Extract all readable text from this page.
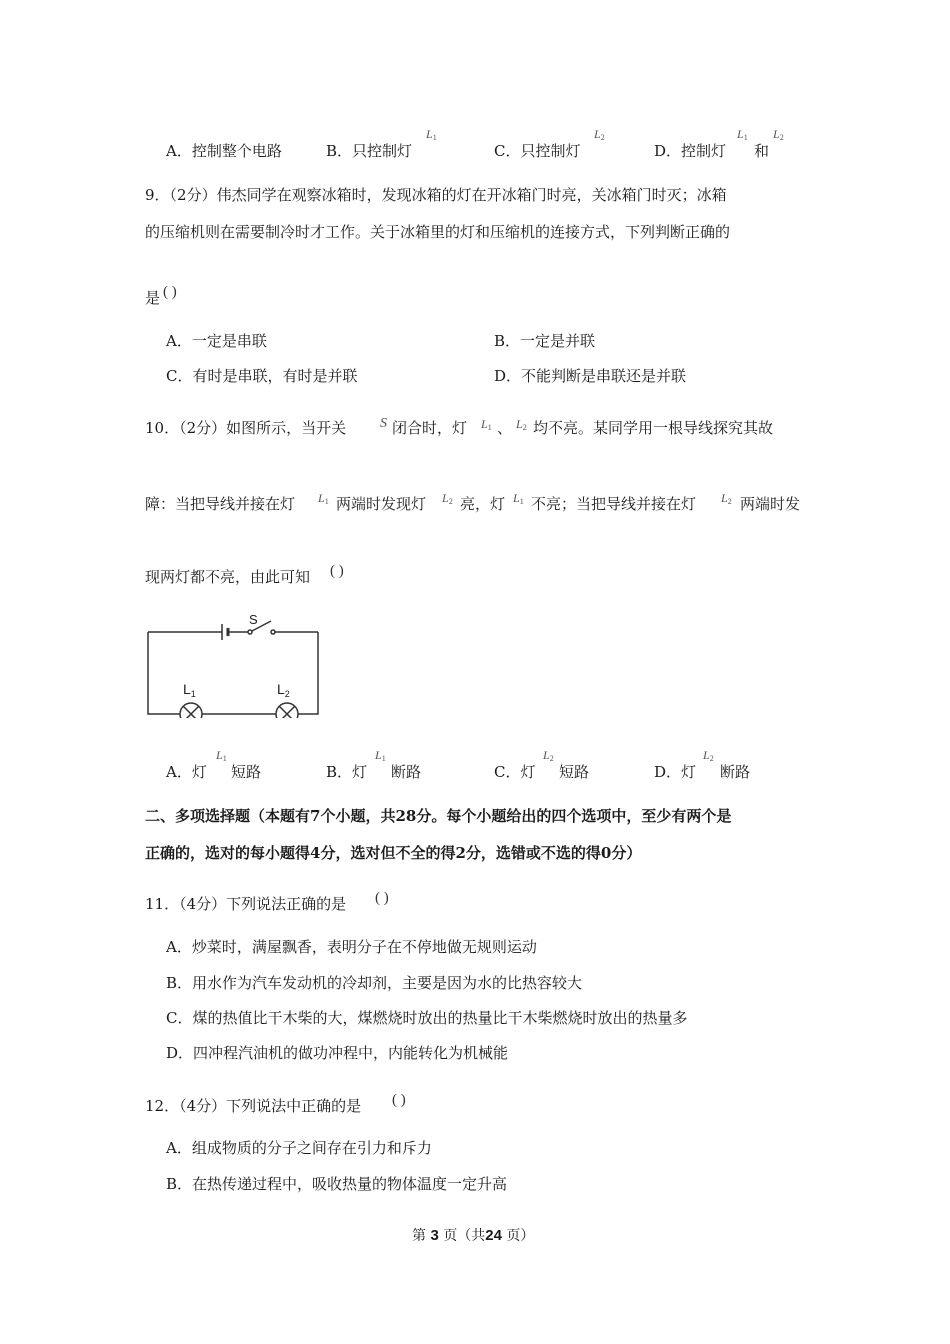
A．控制整个电路	B．只控制灯
$L_1$
C．只控制灯
$L_2$
D．控制灯
$L_1$
和
$L_2$
9．（2分）伟杰同学在观察冰箱时，发现冰箱的灯在开冰箱门时亮，关冰箱门时灭；冰箱
的压缩机则在需要制冷时才工作。关于冰箱里的灯和压缩机的连接方式，下列判断正确的
是 ( )
A．一定是串联	B．一定是并联
C．有时是串联，有时是并联	D．不能判断是串联还是并联
10．（2分）如图所示，当开关 S 闭合时，灯 $L_1$ 、 $L_2$ 均不亮。某同学用一根导线探究其故
障：当把导线并接在灯 $L_1$ 两端时发现灯 $L_2$ 亮，灯 $L_1$ 不亮；当把导线并接在灯 $L_2$ 两端时发
现两灯都不亮，由此可知 ( )
S
$L_1$	$L_2$
A．灯
$L_1$
短路	B．灯
$L_1$
断路	C．灯
$L_2$
短路	D．灯
$L_2$
断路
二、多项选择题（本题有7个小题，共28分。每个小题给出的四个选项中，至少有两个是
正确的，选对的每小题得4分，选对但不全的得2分，选错或不选的得0分）
11．（4分）下列说法正确的是 ( )
A．炒菜时，满屋飘香，表明分子在不停地做无规则运动
B．用水作为汽车发动机的冷却剂，主要是因为水的比热容较大
C．煤的热值比干木柴的大，煤燃烧时放出的热量比干木柴燃烧时放出的热量多
D．四冲程汽油机的做功冲程中，内能转化为机械能
12．（4分）下列说法中正确的是 ( )
A．组成物质的分子之间存在引力和斥力
B．在热传递过程中，吸收热量的物体温度一定升高
第 3 页（共24 页）
